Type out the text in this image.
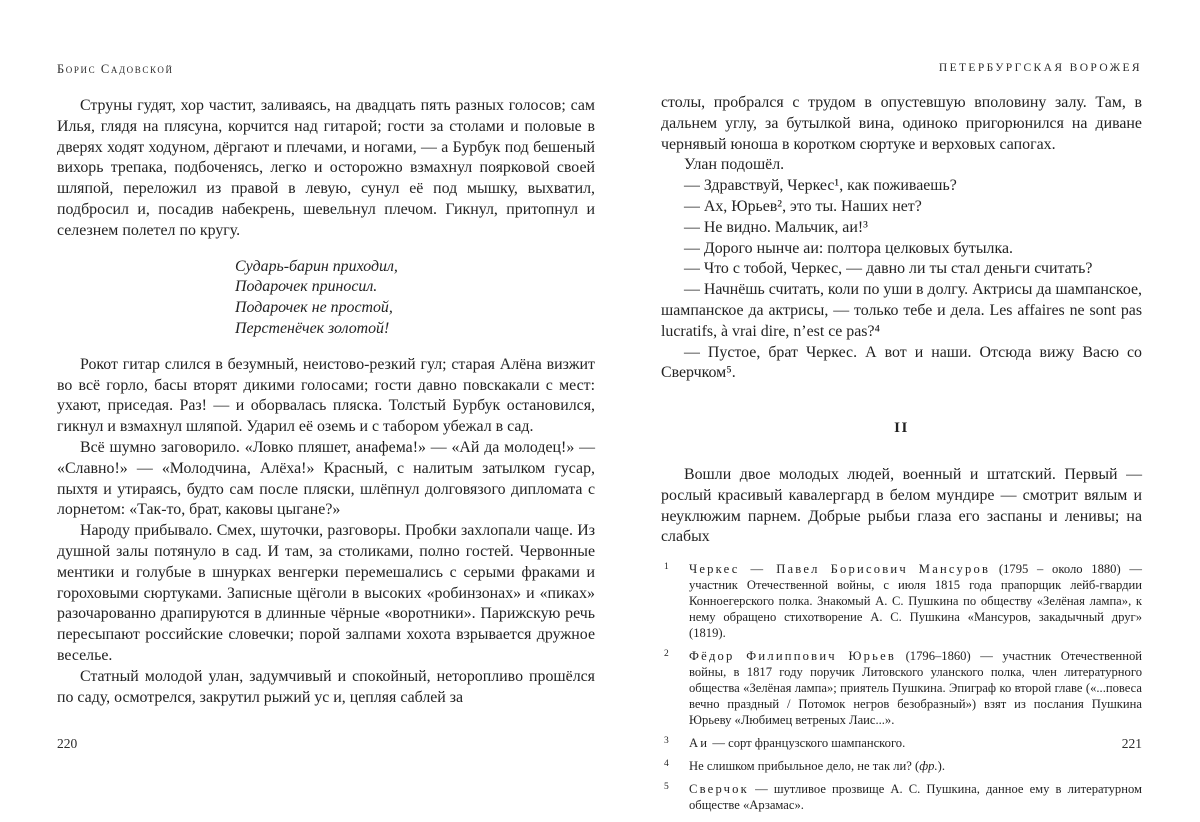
Борис Садовской

Струны гудят, хор частит, заливаясь, на двадцать пять разных голосов; сам Илья, глядя на плясуна, корчится над гитарой; гости за столами и половые в дверях ходят ходуном, дёргают и плечами, и ногами, — а Бурбук под бешеный вихорь трепака, подбоченясь, легко и осторожно взмахнул поярковой своей шляпой, переложил из правой в левую, сунул её под мышку, выхватил, подбросил и, посадив набекрень, шевельнул плечом. Гикнул, притопнул и селезнем полетел по кругу.

Сударь-барин приходил,
Подарочек приносил.
Подарочек не простой,
Перстенёчек золотой!

Рокот гитар слился в безумный, неистово-резкий гул; старая Алёна визжит во всё горло, басы вторят дикими голосами; гости давно повскакали с мест: ухают, приседая. Раз! — и оборвалась пляска. Толстый Бурбук остановился, гикнул и взмахнул шляпой. Ударил её оземь и с табором убежал в сад.

Всё шумно заговорило. «Ловко пляшет, анафема!» — «Ай да молодец!» — «Славно!» — «Молодчина, Алёха!» Красный, с налитым затылком гусар, пыхтя и утираясь, будто сам после пляски, шлёпнул долговязого дипломата с лорнетом: «Так-то, брат, каковы цыгане?»

Народу прибывало. Смех, шуточки, разговоры. Пробки захлопали чаще. Из душной залы потянуло в сад. И там, за столиками, полно гостей. Червонные ментики и голубые в шнурках венгерки перемешались с серыми фраками и гороховыми сюртуками. Записные щёголи в высоких «робинзонах» и «пиках» разочарованно драпируются в длинные чёрные «воротники». Парижскую речь пересыпают российские словечки; порой залпами хохота взрывается дружное веселье.

Статный молодой улан, задумчивый и спокойный, неторопливо прошёлся по саду, осмотрелся, закрутил рыжий ус и, цепляя саблей за

220
ПЕТЕРБУРГСКАЯ ВОРОЖЕЯ

столы, пробрался с трудом в опустевшую вполовину залу. Там, в дальнем углу, за бутылкой вина, одиноко пригорюнился на диване чернявый юноша в коротком сюртуке и верховых сапогах.

Улан подошёл.

— Здравствуй, Черкес¹, как поживаешь?

— Ах, Юрьев², это ты. Наших нет?

— Не видно. Мальчик, аи!³

— Дорого нынче аи: полтора целковых бутылка.

— Что с тобой, Черкес, — давно ли ты стал деньги считать?

— Начнёшь считать, коли по уши в долгу. Актрисы да шампанское, шампанское да актрисы, — только тебе и дела. Les affaires ne sont pas lucratifs, à vrai dire, n’est ce pas?⁴

— Пустое, брат Черкес. А вот и наши. Отсюда вижу Васю со Сверчком⁵.

II

Вошли двое молодых людей, военный и штатский. Первый — рослый красивый кавалергард в белом мундире — смотрит вялым и неуклюжим парнем. Добрые рыбьи глаза его заспаны и ленивы; на слабых

1 Черкес — Павел Борисович Мансуров (1795 – около 1880) — участник Отечественной войны, с июля 1815 года прапорщик лейб-гвардии Конноегерского полка. Знакомый А. С. Пушкина по обществу «Зелёная лампа», к нему обращено стихотворение А. С. Пушкина «Мансуров, закадычный друг» (1819).
2 Фёдор Филиппович Юрьев (1796–1860) — участник Отечественной войны, в 1817 году поручик Литовского уланского полка, член литературного общества «Зелёная лампа»; приятель Пушкина. Эпиграф ко второй главе («...повеса вечно праздный / Потомок негров безобразный») взят из послания Пушкина Юрьеву «Любимец ветреных Лаис...».
3 Аи — сорт французского шампанского.
4 Не слишком прибыльное дело, не так ли? (фр.).
5 Сверчок — шутливое прозвище А. С. Пушкина, данное ему в литературном обществе «Арзамас».
221
